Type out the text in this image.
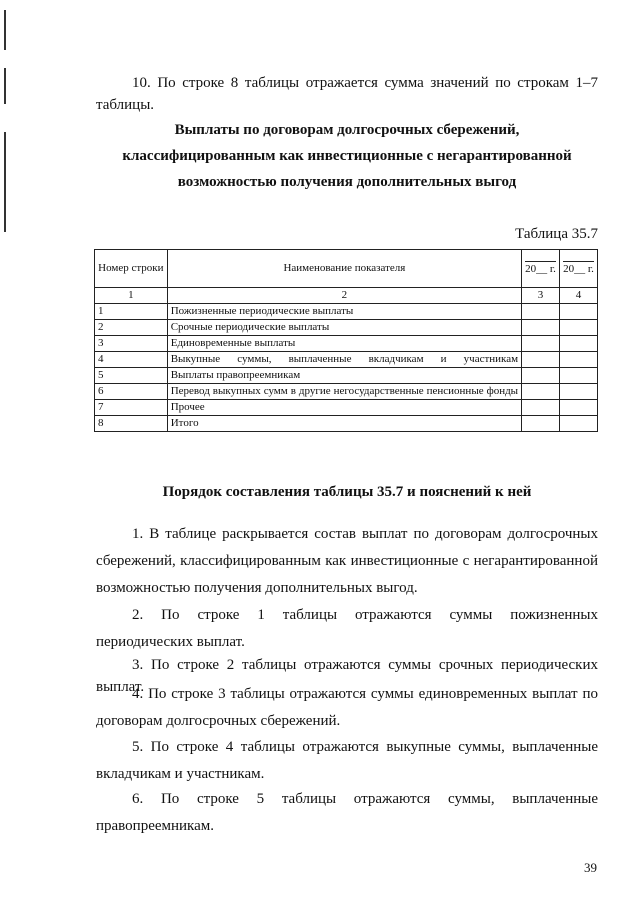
10. По строке 8 таблицы отражается сумма значений по строкам 1–7 таблицы.

Выплаты по договорам долгосрочных сбережений,

классифицированным как инвестиционные с негарантированной

возможностью получения дополнительных выгод

Таблица 35.7
Номер строки	Наименование показателя	20__ г.	20__ г.
1	2	3	4
1	Пожизненные периодические выплаты		
2	Срочные периодические выплаты		
3	Единовременные выплаты		
4	Выкупные суммы, выплаченные вкладчикам и участникам		
5	Выплаты правопреемникам		
6	Перевод выкупных сумм в другие негосударственные пенсионные фонды		
7	Прочее		
8	Итого		

Порядок составления таблицы 35.7 и пояснений к ней

1. В таблице раскрывается состав выплат по договорам долгосрочных сбережений, классифицированным как инвестиционные с негарантированной возможностью получения дополнительных выгод.

2. По строке 1 таблицы отражаются суммы пожизненных периодических выплат.

3. По строке 2 таблицы отражаются суммы срочных периодических выплат.

4. По строке 3 таблицы отражаются суммы единовременных выплат по договорам долгосрочных сбережений.

5. По строке 4 таблицы отражаются выкупные суммы, выплаченные вкладчикам и участникам.

6. По строке 5 таблицы отражаются суммы, выплаченные правопреемникам.

39
